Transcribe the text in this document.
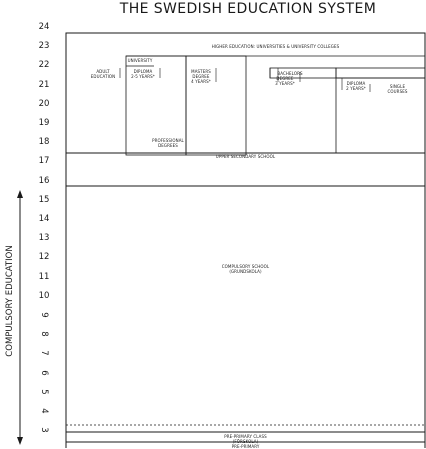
THE SWEDISH EDUCATION SYSTEM
COMPULSORY EDUCATION
24
23
22
21
20
19
18
17
16
15
14
13
12
11
10
9
8
7
6
5
4
3
HIGHER EDUCATION: UNIVERSITIES & UNIVERSITY COLLEGES
ADULT
EDUCATION
UNIVERSITY
DIPLOMA
2-5 YEARS*
PROFESSIONAL
DEGREES
MASTERS
DEGREE
4 YEARS*
BACHELORS
DEGREE
3 YEARS*	DIPLOMA
2 YEARS*	SINGLE
COURSES
UPPER SECONDARY SCHOOL
COMPULSORY SCHOOL
(GRUNDSKOLA)
PRE-PRIMARY CLASS
(FÖRSKOLA)
PRE-PRIMARY
